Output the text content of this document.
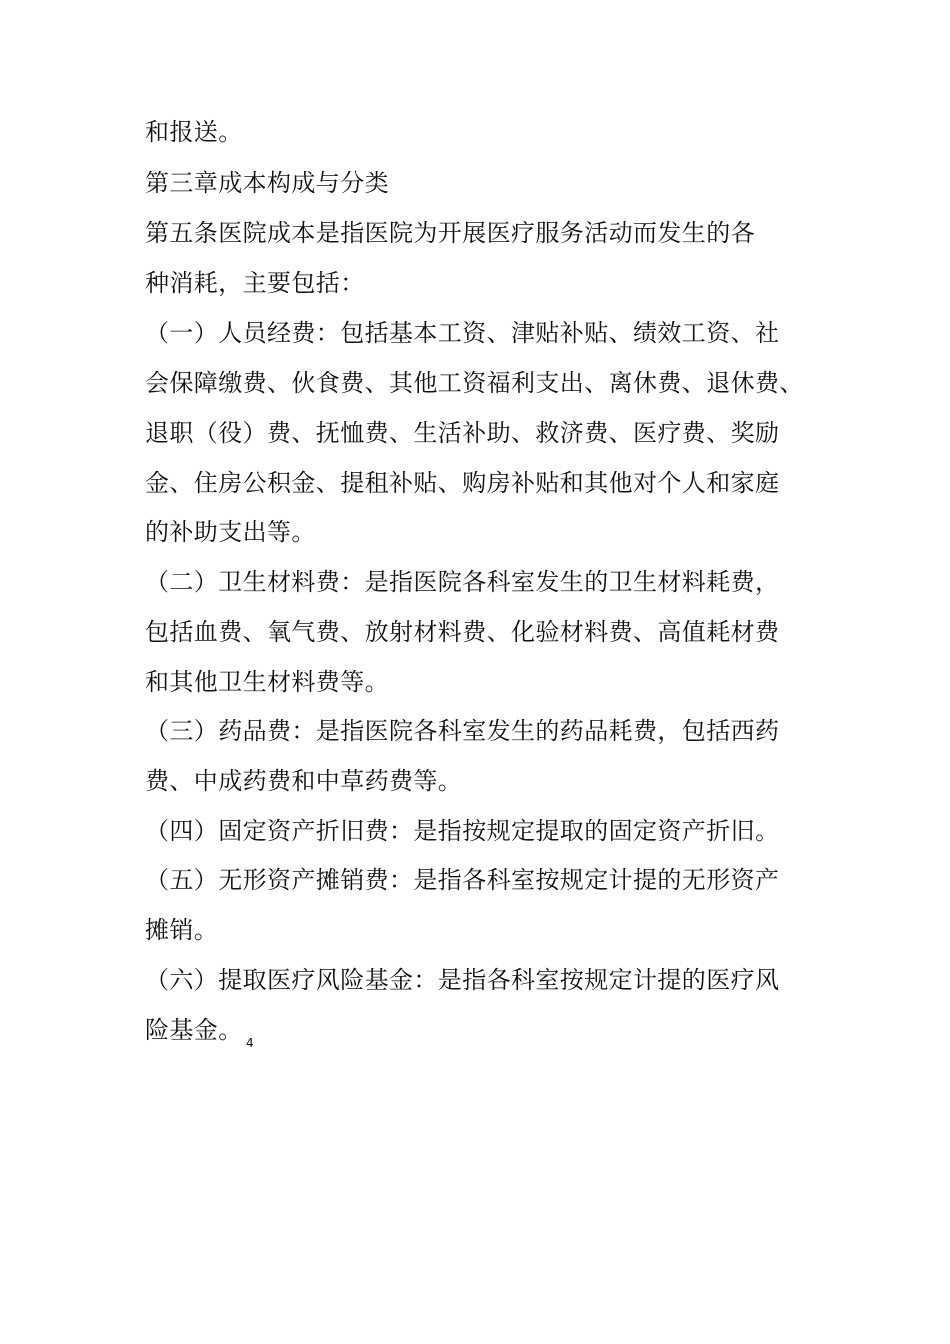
和报送。
第三章成本构成与分类
第五条医院成本是指医院为开展医疗服务活动而发生的各
种消耗，主要包括：
（一）人员经费：包括基本工资、津贴补贴、绩效工资、社
会保障缴费、伙食费、其他工资福利支出、离休费、退休费、
退职（役）费、抚恤费、生活补助、救济费、医疗费、奖励
金、住房公积金、提租补贴、购房补贴和其他对个人和家庭
的补助支出等。
（二）卫生材料费：是指医院各科室发生的卫生材料耗费，
包括血费、氧气费、放射材料费、化验材料费、高值耗材费
和其他卫生材料费等。
（三）药品费：是指医院各科室发生的药品耗费，包括西药
费、中成药费和中草药费等。
（四）固定资产折旧费：是指按规定提取的固定资产折旧。
（五）无形资产摊销费：是指各科室按规定计提的无形资产
摊销。
（六）提取医疗风险基金：是指各科室按规定计提的医疗风
险基金。 4
